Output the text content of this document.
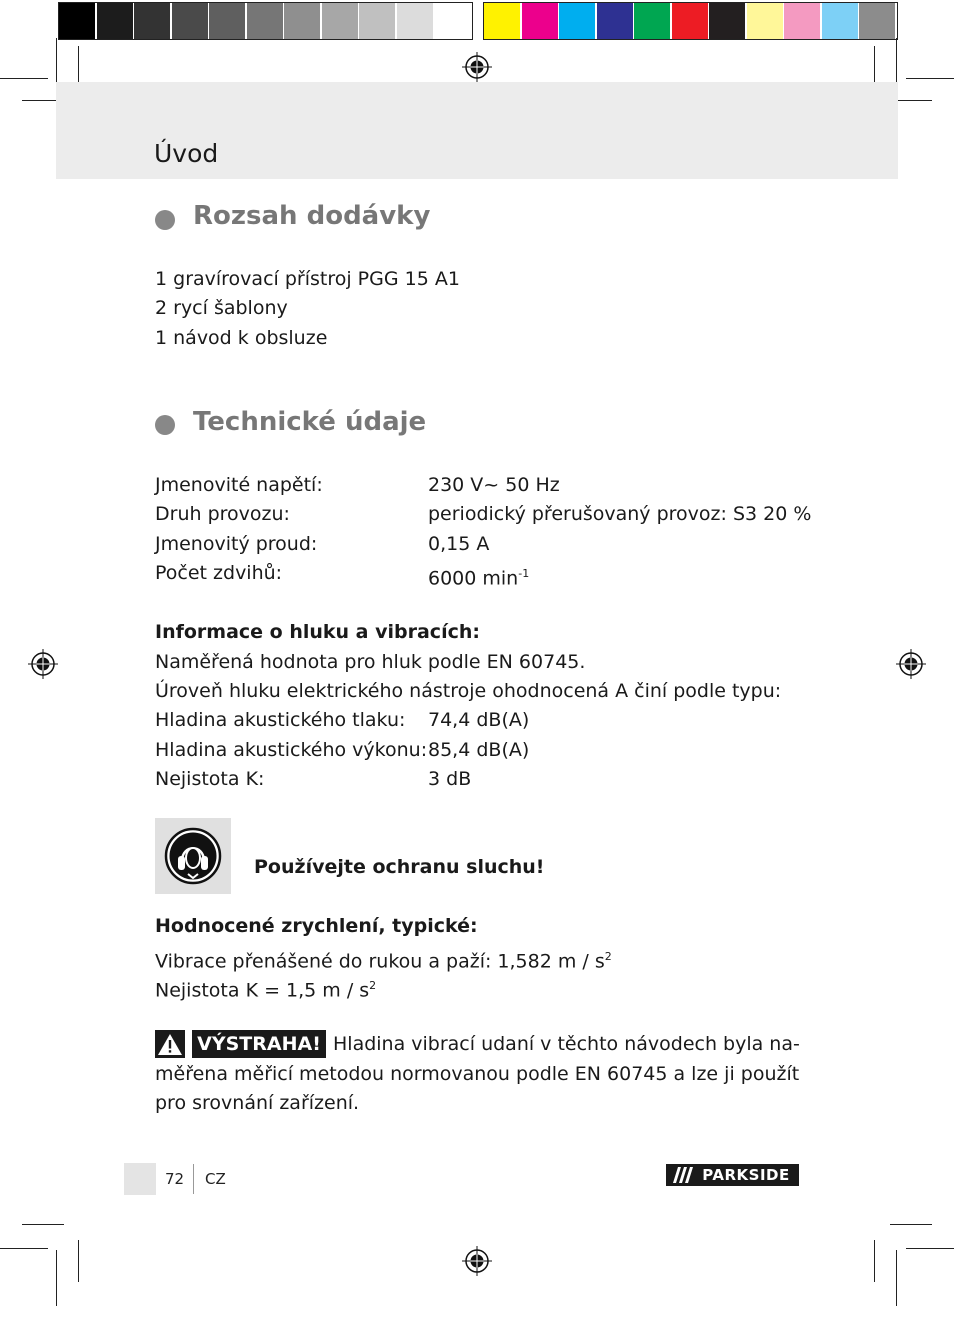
Úvod
Rozsah dodávky
1 gravírovací přístroj PGG 15 A1
2 rycí šablony
1 návod k obsluze
Technické údaje
Jmenovité napětí:	230 V~ 50 Hz
Druh provozu:	periodický přerušovaný provoz: S3 20 %
Jmenovitý proud:	0,15 A
Počet zdvihů:	6000 $\min^{-1}$
Informace o hluku a vibracích:
Naměřená hodnota pro hluk podle EN 60745.
Úroveň hluku elektrického nástroje ohodnocená A činí podle typu:
Hladina akustického tlaku: 74,4 dB(A)
Hladina akustického výkonu: 85,4 dB(A)
Nejistota K:	3 dB
Používejte ochranu sluchu!
Hodnocené zrychlení, typické:
Vibrace přenášené do rukou a paží: 1,582 m / $s^2$
Nejistota K = 1,5 m / $s^2$
VÝSTRAHA! Hladina vibrací udaní v těchto návodech byla na-
měřena měřicí metodou normovanou podle EN 60745 a lze ji použít
pro srovnání zařízení.
72 CZ	PARKSIDE
